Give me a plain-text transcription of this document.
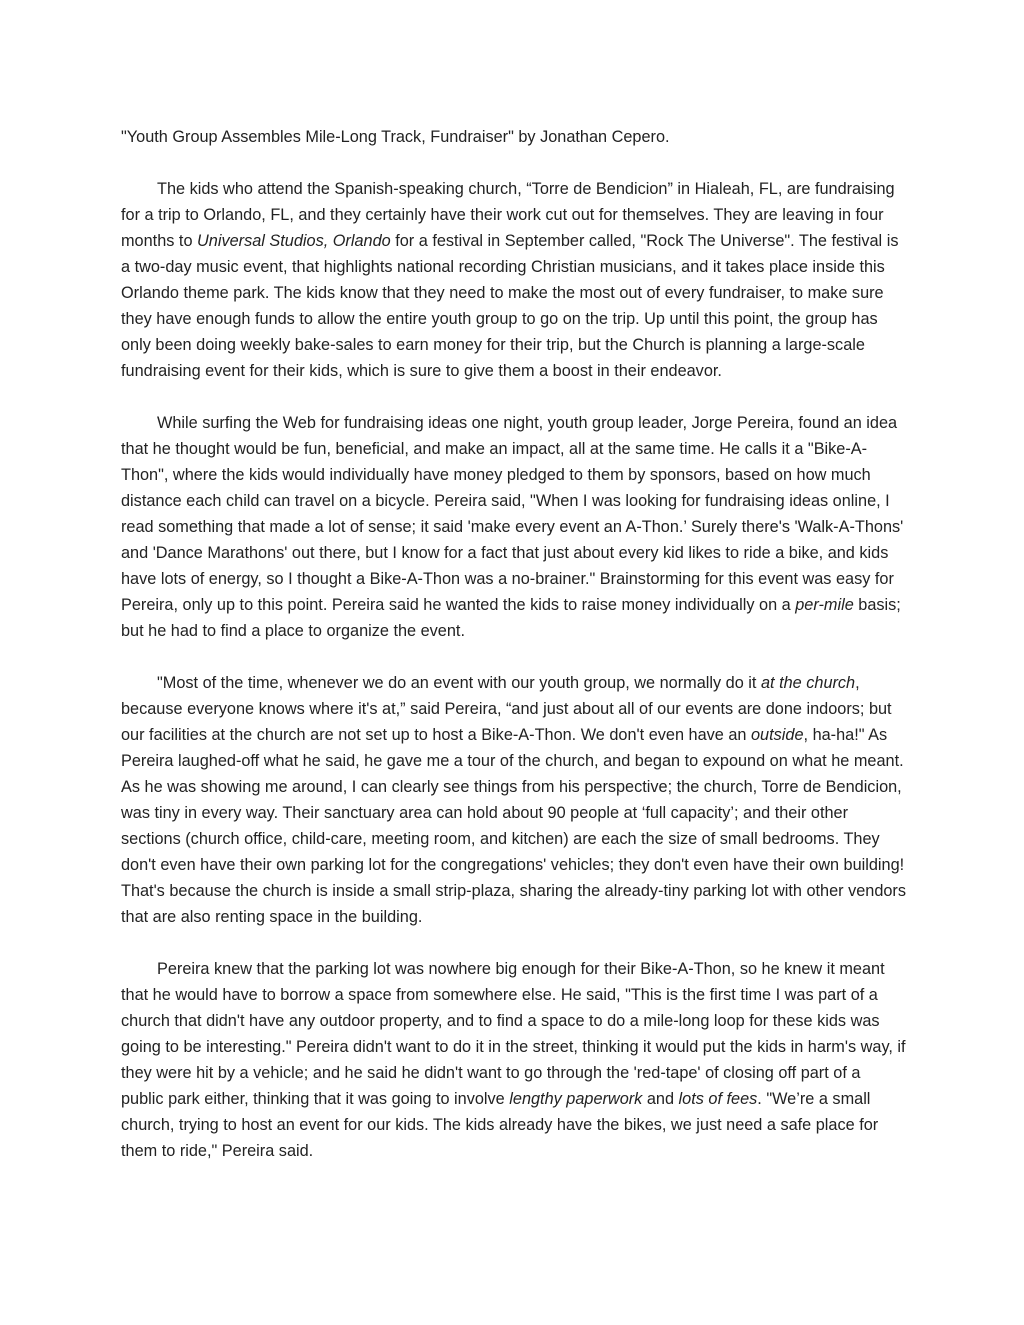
"Youth Group Assembles Mile-Long Track, Fundraiser" by Jonathan Cepero.

The kids who attend the Spanish-speaking church, “Torre de Bendicion” in Hialeah, FL, are fundraising for a trip to Orlando, FL, and they certainly have their work cut out for themselves. They are leaving in four months to Universal Studios, Orlando for a festival in September called, "Rock The Universe". The festival is a two-day music event, that highlights national recording Christian musicians, and it takes place inside this Orlando theme park. The kids know that they need to make the most out of every fundraiser, to make sure they have enough funds to allow the entire youth group to go on the trip. Up until this point, the group has only been doing weekly bake-sales to earn money for their trip, but the Church is planning a large-scale fundraising event for their kids, which is sure to give them a boost in their endeavor.

While surfing the Web for fundraising ideas one night, youth group leader, Jorge Pereira, found an idea that he thought would be fun, beneficial, and make an impact, all at the same time. He calls it a "Bike-A-Thon", where the kids would individually have money pledged to them by sponsors, based on how much distance each child can travel on a bicycle. Pereira said, "When I was looking for fundraising ideas online, I read something that made a lot of sense; it said 'make every event an A-Thon.’ Surely there's 'Walk-A-Thons' and 'Dance Marathons' out there, but I know for a fact that just about every kid likes to ride a bike, and kids have lots of energy, so I thought a Bike-A-Thon was a no-brainer." Brainstorming for this event was easy for Pereira, only up to this point. Pereira said he wanted the kids to raise money individually on a per-mile basis; but he had to find a place to organize the event.

"Most of the time, whenever we do an event with our youth group, we normally do it at the church, because everyone knows where it's at,” said Pereira, “and just about all of our events are done indoors; but our facilities at the church are not set up to host a Bike-A-Thon. We don't even have an outside, ha-ha!" As Pereira laughed-off what he said, he gave me a tour of the church, and began to expound on what he meant. As he was showing me around, I can clearly see things from his perspective; the church, Torre de Bendicion, was tiny in every way. Their sanctuary area can hold about 90 people at ‘full capacity’; and their other sections (church office, child-care, meeting room, and kitchen) are each the size of small bedrooms. They don't even have their own parking lot for the congregations' vehicles; they don't even have their own building! That's because the church is inside a small strip-plaza, sharing the already-tiny parking lot with other vendors that are also renting space in the building.

Pereira knew that the parking lot was nowhere big enough for their Bike-A-Thon, so he knew it meant that he would have to borrow a space from somewhere else. He said, "This is the first time I was part of a church that didn't have any outdoor property, and to find a space to do a mile-long loop for these kids was going to be interesting." Pereira didn't want to do it in the street, thinking it would put the kids in harm's way, if they were hit by a vehicle; and he said he didn't want to go through the 'red-tape' of closing off part of a public park either, thinking that it was going to involve lengthy paperwork and lots of fees. "We’re a small church, trying to host an event for our kids. The kids already have the bikes, we just need a safe place for them to ride," Pereira said.
